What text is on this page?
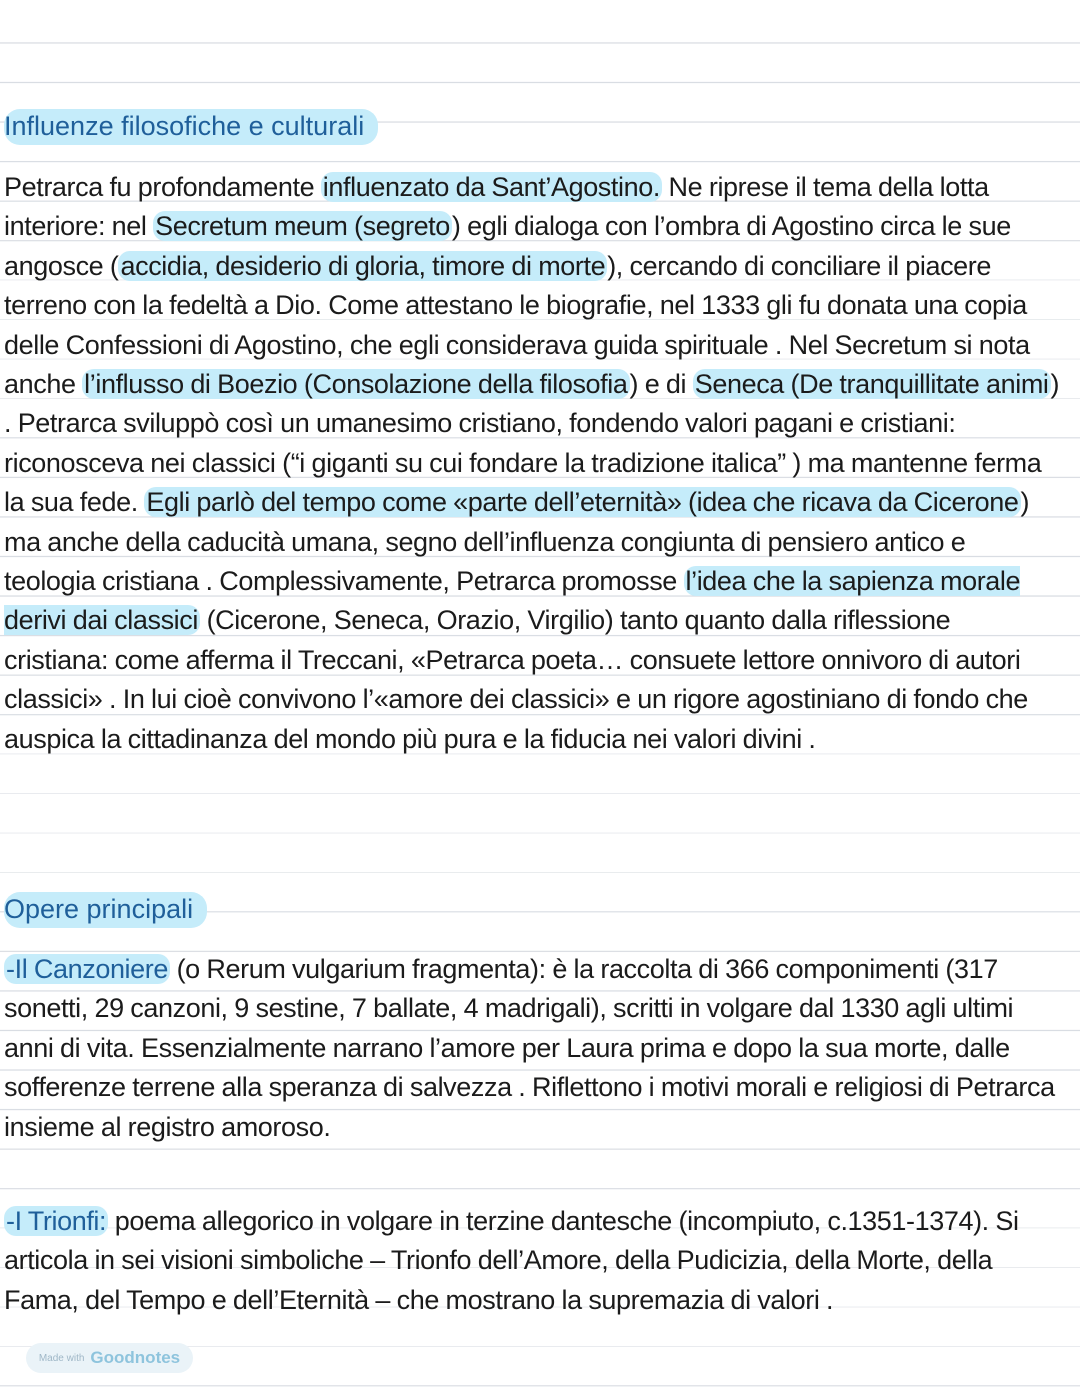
Influenze filosofiche e culturali

Petrarca fu profondamente influenzato da Sant’Agostino. Ne riprese il tema della lotta interiore: nel Secretum meum (segreto) egli dialoga con l’ombra di Agostino circa le sue angosce (accidia, desiderio di gloria, timore di morte), cercando di conciliare il piacere terreno con la fedeltà a Dio. Come attestano le biografie, nel 1333 gli fu donata una copia delle Confessioni di Agostino, che egli considerava guida spirituale . Nel Secretum si nota anche l’influsso di Boezio (Consolazione della filosofia) e di Seneca (De tranquillitate animi) . Petrarca sviluppò così un umanesimo cristiano, fondendo valori pagani e cristiani: riconosceva nei classici (“i giganti su cui fondare la tradizione italica” ) ma mantenne ferma la sua fede. Egli parlò del tempo come «parte dell’eternità» (idea che ricava da Cicerone) ma anche della caducità umana, segno dell’influenza congiunta di pensiero antico e teologia cristiana . Complessivamente, Petrarca promosse l’idea che la sapienza morale derivi dai classici (Cicerone, Seneca, Orazio, Virgilio) tanto quanto dalla riflessione cristiana: come afferma il Treccani, «Petrarca poeta… consuete lettore onnivoro di autori classici» . In lui cioè convivono l’«amore dei classici» e un rigore agostiniano di fondo che auspica la cittadinanza del mondo più pura e la fiducia nei valori divini .

Opere principali

-Il Canzoniere (o Rerum vulgarium fragmenta): è la raccolta di 366 componimenti (317 sonetti, 29 canzoni, 9 sestine, 7 ballate, 4 madrigali), scritti in volgare dal 1330 agli ultimi anni di vita. Essenzialmente narrano l’amore per Laura prima e dopo la sua morte, dalle sofferenze terrene alla speranza di salvezza . Riflettono i motivi morali e religiosi di Petrarca insieme al registro amoroso.

-I Trionfi: poema allegorico in volgare in terzine dantesche (incompiuto, c.1351-1374). Si articola in sei visioni simboliche – Trionfo dell’Amore, della Pudicizia, della Morte, della Fama, del Tempo e dell’Eternità – che mostrano la supremazia di valori .

Made with Goodnotes
